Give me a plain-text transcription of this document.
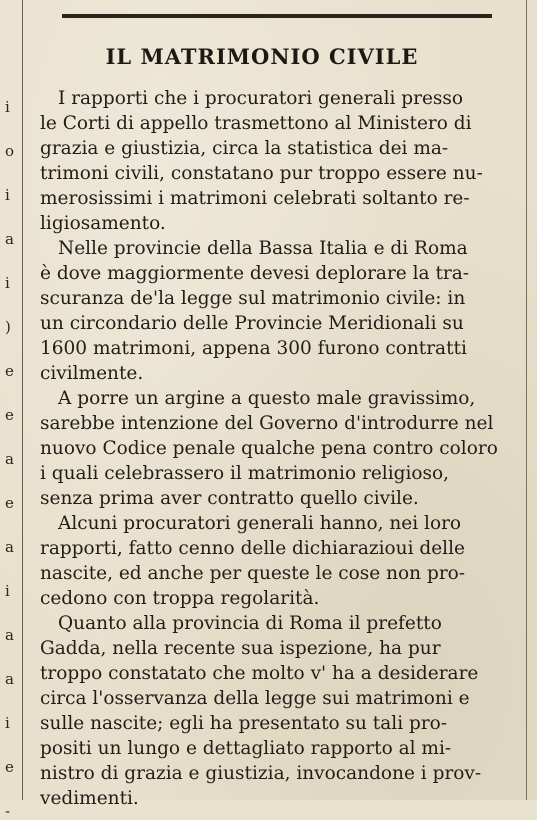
i
o
i
a
i
)
e
e
a
e
a
i
a
a
i
e
-
IL MATRIMONIO CIVILE
I rapporti che i procuratori generali presso
le Corti di appello trasmettono al Ministero di
grazia e giustizia, circa la statistica dei ma-
trimoni civili, constatano pur troppo essere nu-
merosissimi i matrimoni celebrati soltanto re-
ligiosamento.
Nelle provincie della Bassa Italia e di Roma
è dove maggiormente devesi deplorare la tra-
scuranza de'la legge sul matrimonio civile: in
un circondario delle Provincie Meridionali su
1600 matrimoni, appena 300 furono contratti
civilmente.
A porre un argine a questo male gravissimo,
sarebbe intenzione del Governo d'introdurre nel
nuovo Codice penale qualche pena contro coloro
i quali celebrassero il matrimonio religioso,
senza prima aver contratto quello civile.
Alcuni procuratori generali hanno, nei loro
rapporti, fatto cenno delle dichiarazioui delle
nascite, ed anche per queste le cose non pro-
cedono con troppa regolarità.
Quanto alla provincia di Roma il prefetto
Gadda, nella recente sua ispezione, ha pur
troppo constatato che molto v' ha a desiderare
circa l'osservanza della legge sui matrimoni e
sulle nascite; egli ha presentato su tali pro-
positi un lungo e dettagliato rapporto al mi-
nistro di grazia e giustizia, invocandone i prov-
vedimenti.
